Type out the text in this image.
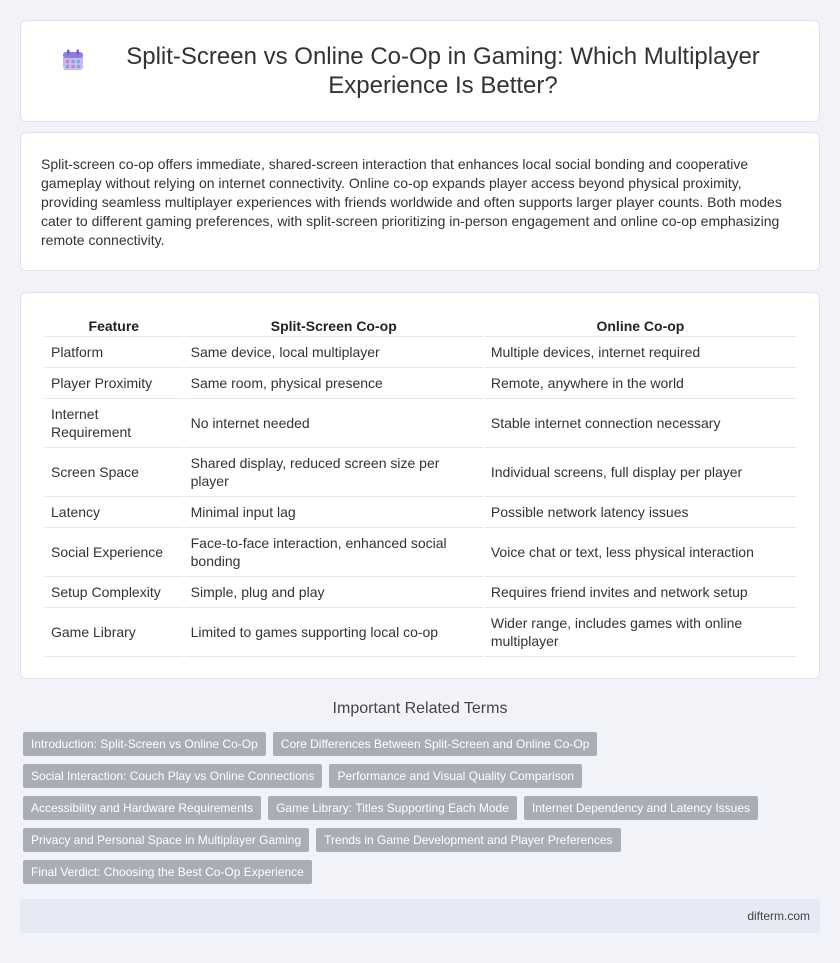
Split-Screen vs Online Co-Op in Gaming: Which Multiplayer Experience Is Better?

Split-screen co-op offers immediate, shared-screen interaction that enhances local social bonding and cooperative gameplay without relying on internet connectivity. Online co-op expands player access beyond physical proximity, providing seamless multiplayer experiences with friends worldwide and often supports larger player counts. Both modes cater to different gaming preferences, with split-screen prioritizing in-person engagement and online co-op emphasizing remote connectivity.

Feature	Split-Screen Co-op	Online Co-op
Platform	Same device, local multiplayer	Multiple devices, internet required
Player Proximity	Same room, physical presence	Remote, anywhere in the world
Internet Requirement	No internet needed	Stable internet connection necessary
Screen Space	Shared display, reduced screen size per player	Individual screens, full display per player
Latency	Minimal input lag	Possible network latency issues
Social Experience	Face-to-face interaction, enhanced social bonding	Voice chat or text, less physical interaction
Setup Complexity	Simple, plug and play	Requires friend invites and network setup
Game Library	Limited to games supporting local co-op	Wider range, includes games with online multiplayer
Important Related Terms
Introduction: Split-Screen vs Online Co-Op	Core Differences Between Split-Screen and Online Co-Op
Social Interaction: Couch Play vs Online Connections	Performance and Visual Quality Comparison
Accessibility and Hardware Requirements	Game Library: Titles Supporting Each Mode	Internet Dependency and Latency Issues
Privacy and Personal Space in Multiplayer Gaming	Trends in Game Development and Player Preferences
Final Verdict: Choosing the Best Co-Op Experience
difterm.com
